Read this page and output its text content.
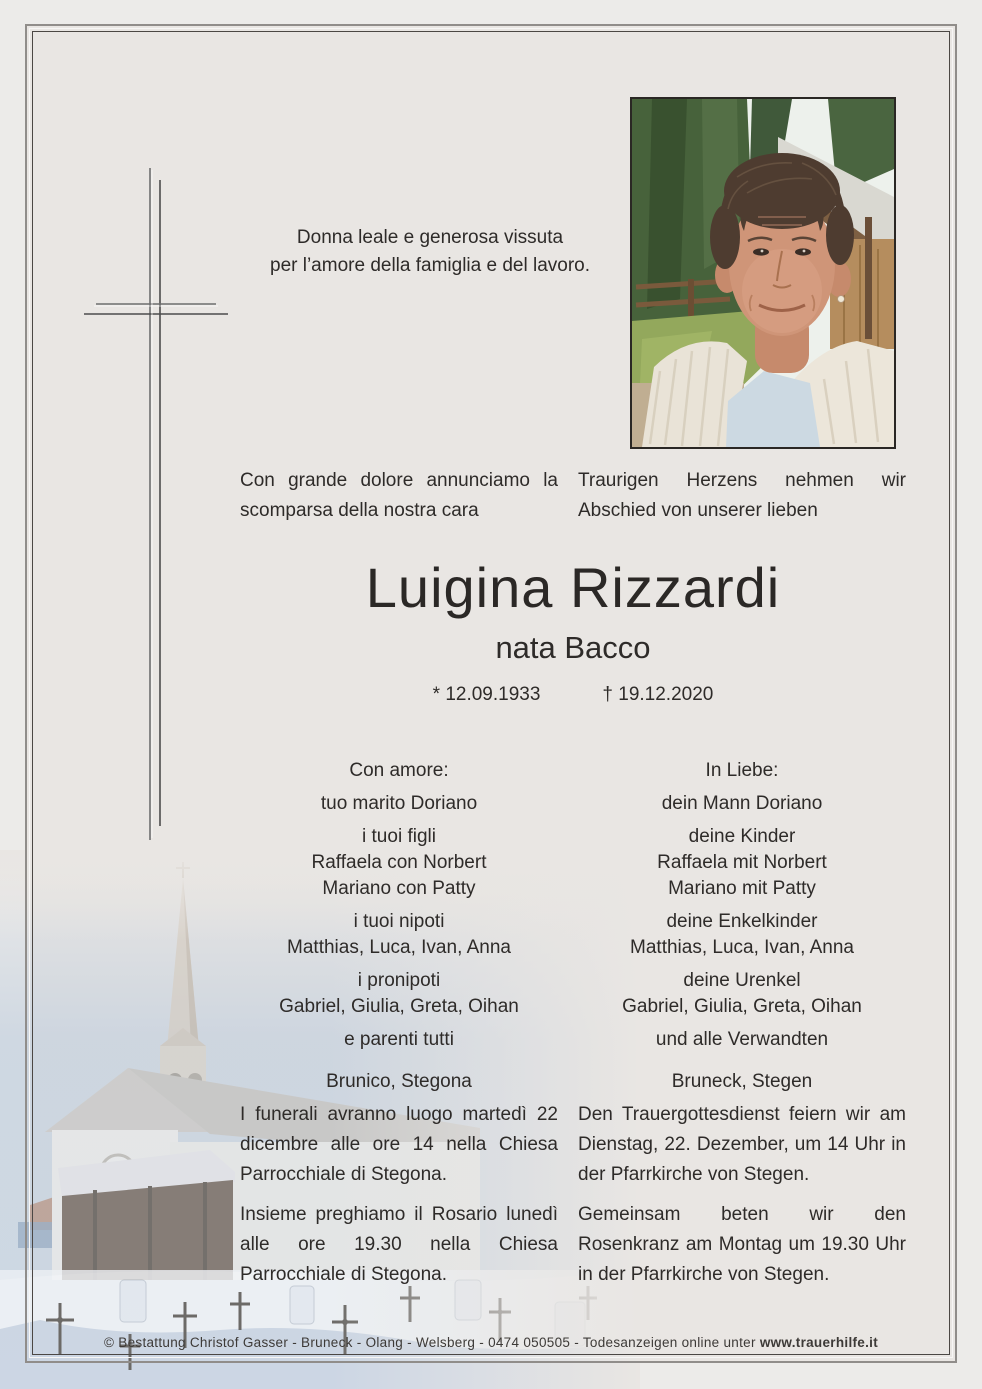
Donna leale e generosa vissuta
per l’amore della famiglia e del lavoro.
Con grande dolore annunciamo la scomparsa della nostra cara
Traurigen Herzens nehmen wir Abschied von unserer lieben
Luigina Rizzardi
nata Bacco
* 12.09.1933	† 19.12.2020
Con amore:
tuo marito Doriano
i tuoi figli
Raffaela con Norbert
Mariano con Patty
i tuoi nipoti
Matthias, Luca, Ivan, Anna
i pronipoti
Gabriel, Giulia, Greta, Oihan
e parenti tutti
Brunico, Stegona
In Liebe:
dein Mann Doriano
deine Kinder
Raffaela mit Norbert
Mariano mit Patty
deine Enkelkinder
Matthias, Luca, Ivan, Anna
deine Urenkel
Gabriel, Giulia, Greta, Oihan
und alle Verwandten
Bruneck, Stegen

I funerali avranno luogo martedì 22 dicembre alle ore 14 nella Chiesa Parrocchiale di Stegona.

Insieme preghiamo il Rosario lunedì alle ore 19.30 nella Chiesa Parrocchiale di Stegona.

Den Trauergottesdienst feiern wir am Dienstag, 22. Dezember, um 14 Uhr in der Pfarrkirche von Stegen.

Gemeinsam beten wir den Rosenkranz am Montag um 19.30 Uhr in der Pfarrkirche von Stegen.

© Bestattung Christof Gasser - Bruneck - Olang - Welsberg - 0474 050505 - Todesanzeigen online unter www.trauerhilfe.it
